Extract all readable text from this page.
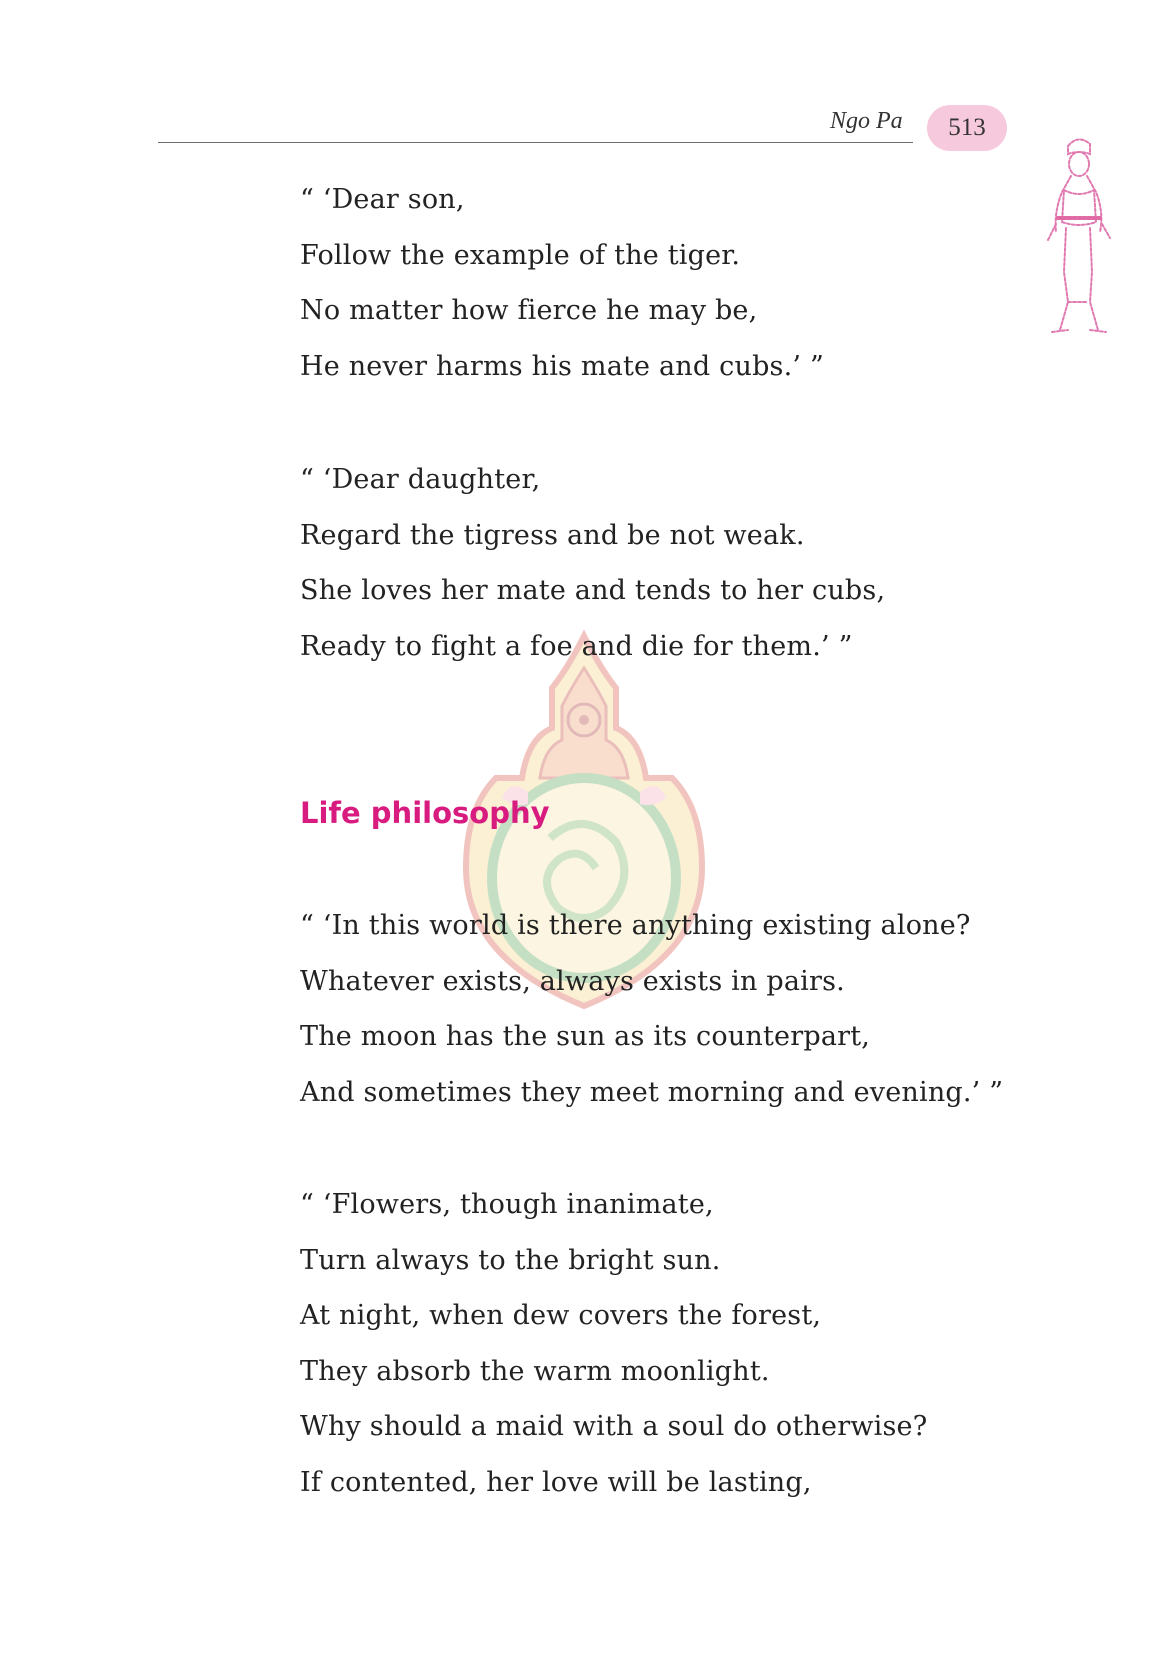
Ngo Pa 513
“ ‘Dear son,
Follow the example of the tiger.
No matter how fierce he may be,
He never harms his mate and cubs.’ ”
“ ‘Dear daughter,
Regard the tigress and be not weak.
She loves her mate and tends to her cubs,
Ready to fight a foe and die for them.’ ”
Life philosophy
“ ‘In this world is there anything existing alone?
Whatever exists, always exists in pairs.
The moon has the sun as its counterpart,
And sometimes they meet morning and evening.’ ”
“ ‘Flowers, though inanimate,
Turn always to the bright sun.
At night, when dew covers the forest,
They absorb the warm moonlight.
Why should a maid with a soul do otherwise?
If contented, her love will be lasting,
